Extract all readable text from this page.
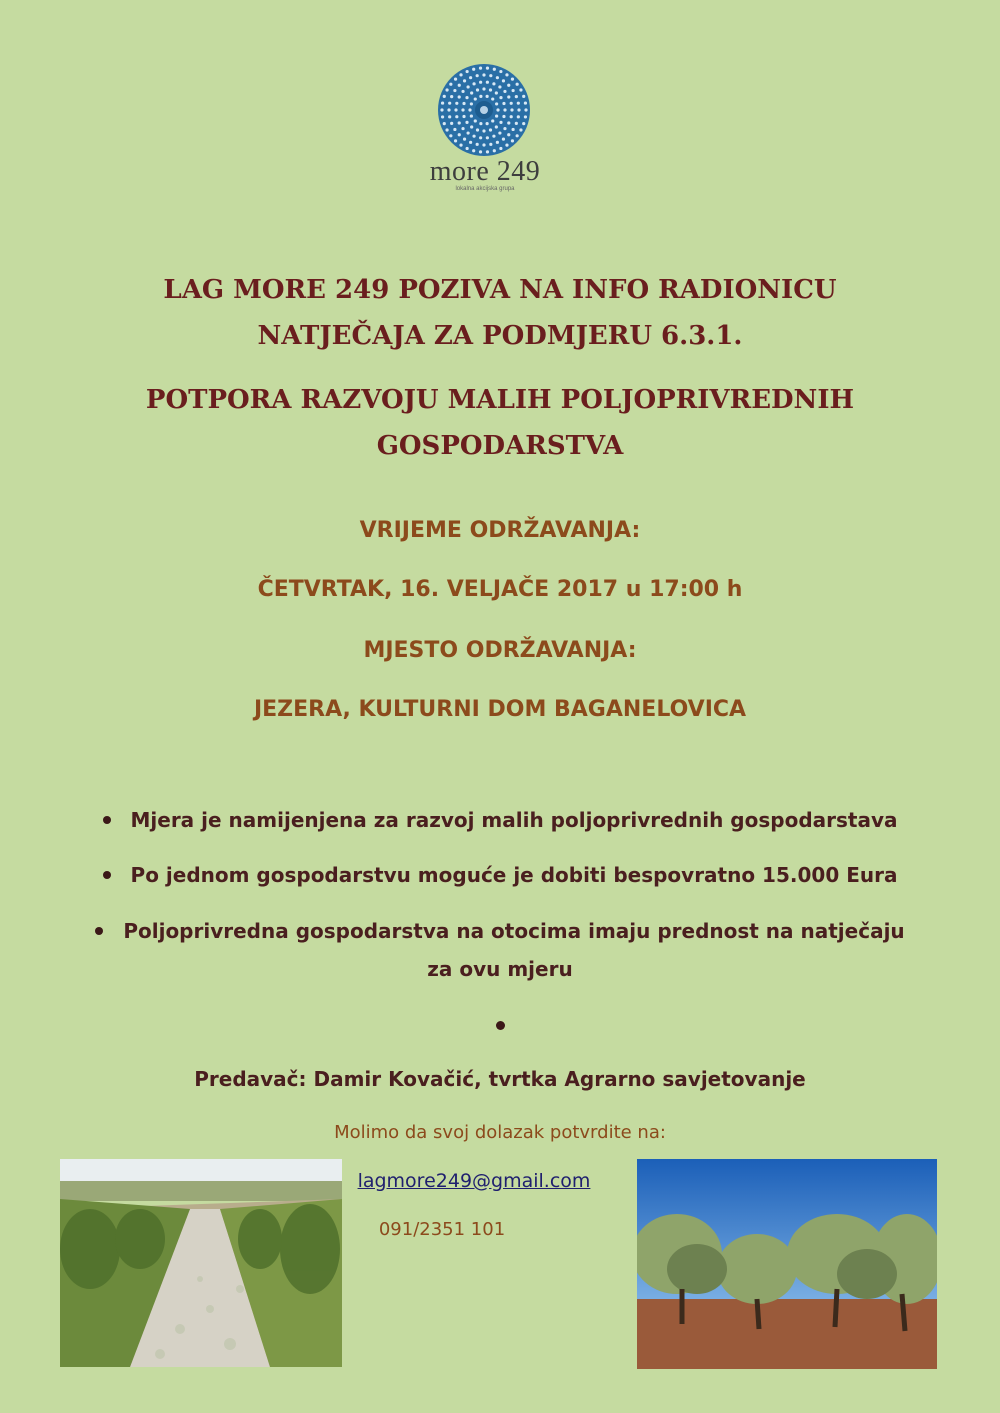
more 249
lokalna akcijska grupa
LAG MORE 249 POZIVA NA INFO RADIONICU
NATJEČAJA ZA PODMJERU 6.3.1.
POTPORA RAZVOJU MALIH POLJOPRIVREDNIH
GOSPODARSTVA
VRIJEME ODRŽAVANJA:
ČETVRTAK, 16. VELJAČE 2017 u 17:00 h
MJESTO ODRŽAVANJA:
JEZERA, KULTURNI DOM BAGANELOVICA
Mjera je namijenjena za razvoj malih poljoprivrednih gospodarstava
Po jednom gospodarstvu moguće je dobiti bespovratno 15.000 Eura
Poljoprivredna gospodarstva na otocima imaju prednost na natječaju
za ovu mjeru
Predavač: Damir Kovačić, tvrtka Agrarno savjetovanje
Molimo da svoj dolazak potvrdite na:
lagmore249@gmail.com
091/2351 101
